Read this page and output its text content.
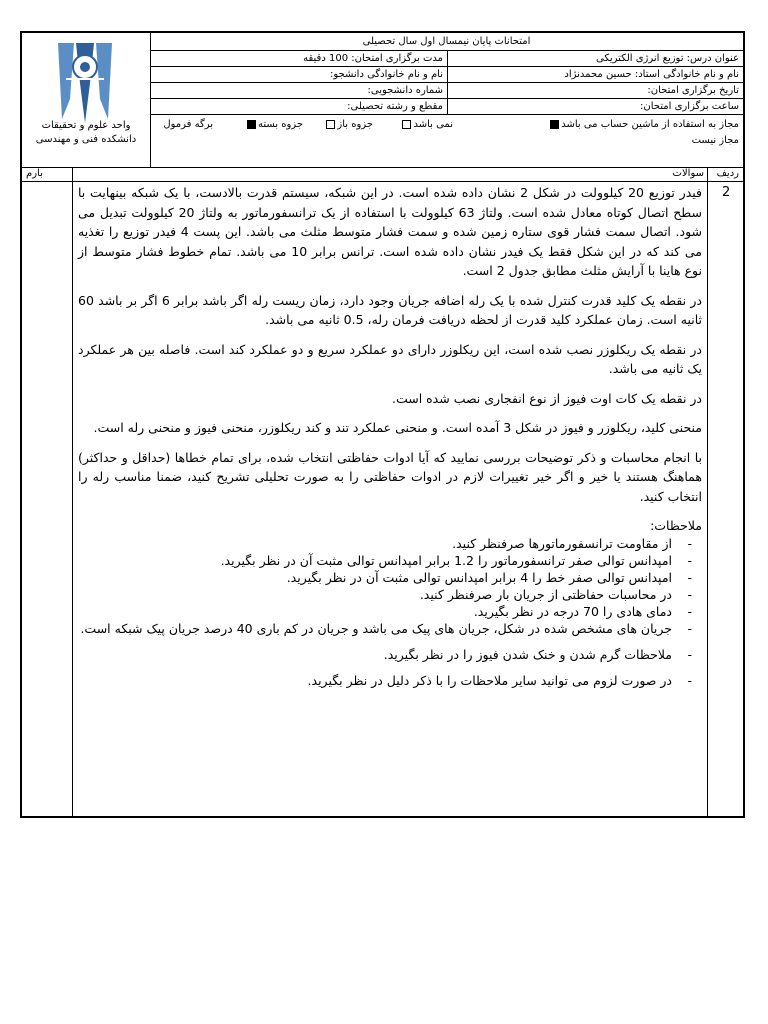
واحد علوم و تحقیقات
دانشکده فنی و مهندسی
امتحانات پایان نیمسال اول سال تحصیلی
عنوان درس: توزیع انرژی الکتریکی
مدت برگزاری امتحان: 100 دقیقه
نام و نام خانوادگی استاد: حسین محمدنژاد
نام و نام خانوادگی دانشجو:
تاریخ برگزاری امتحان:
شماره دانشجویی:
ساعت برگزاری امتحان:
مقطع و رشته تحصیلی:
مجاز به استفاده از ماشین حساب می باشد
نمی باشد
جزوه باز
جزوه بسته
برگه فرمول
مجاز نیست
ردیف
سوالات
بارم
2

فیدر توزیع 20 کیلوولت در شکل 2 نشان داده شده است. در این شبکه، سیستم قدرت بالادست، با یک شبکه بینهایت با سطح اتصال کوتاه معادل شده است. ولتاژ 63 کیلوولت با استفاده از یک ترانسفورماتور به ولتاژ 20 کیلوولت تبدیل می شود. اتصال سمت فشار قوی ستاره زمین شده و سمت فشار متوسط مثلث می باشد. این پست 4 فیدر توزیع را تغذیه می کند که در این شکل فقط یک فیدر نشان داده شده است. ترانس برابر 10 می باشد. تمام خطوط فشار متوسط از نوع هاینا با آرایش مثلث مطابق جدول 2 است.

در نقطه یک کلید قدرت کنترل شده با یک رله اضافه جریان وجود دارد، زمان ریست رله اگر باشد برابر 6 اگر بر باشد 60 ثانیه است. زمان عملکرد کلید قدرت از لحظه دریافت فرمان رله، 0.5 ثانیه می باشد.

در نقطه یک ریکلوزر نصب شده است، این ریکلوزر دارای دو عملکرد سریع و دو عملکرد کند است. فاصله بین هر عملکرد یک ثانیه می باشد.

در نقطه یک کات اوت فیوز از نوع انفجاری نصب شده است.

منحنی کلید، ریکلوزر و فیوز در شکل 3 آمده است. و منحنی عملکرد تند و کند ریکلوزر، منحنی فیوز و منحنی رله است.

با انجام محاسبات و ذکر توضیحات بررسی نمایید که آیا ادوات حفاظتی انتخاب شده، برای تمام خطاها (حداقل و حداکثر) هماهنگ هستند یا خیر و اگر خیر تغییرات لازم در ادوات حفاظتی را به صورت تحلیلی تشریح کنید، ضمنا مناسب رله را انتخاب کنید.

ملاحظات:
- از مقاومت ترانسفورماتورها صرفنظر کنید.
- امپدانس توالی صفر ترانسفورماتور را 1.2 برابر امپدانس توالی مثبت آن در نظر بگیرید.
- امپدانس توالی صفر خط را 4 برابر امپدانس توالی مثبت آن در نظر بگیرید.
- در محاسبات حفاظتی از جریان بار صرفنظر کنید.
- دمای هادی را 70 درجه در نظر بگیرید.
- جریان های مشخص شده در شکل، جریان های پیک می باشد و جریان در کم باری 40 درصد جریان پیک شبکه است.
- ملاحظات گرم شدن و خنک شدن فیوز را در نظر بگیرید.
- در صورت لزوم می توانید سایر ملاحظات را با ذکر دلیل در نظر بگیرید.
